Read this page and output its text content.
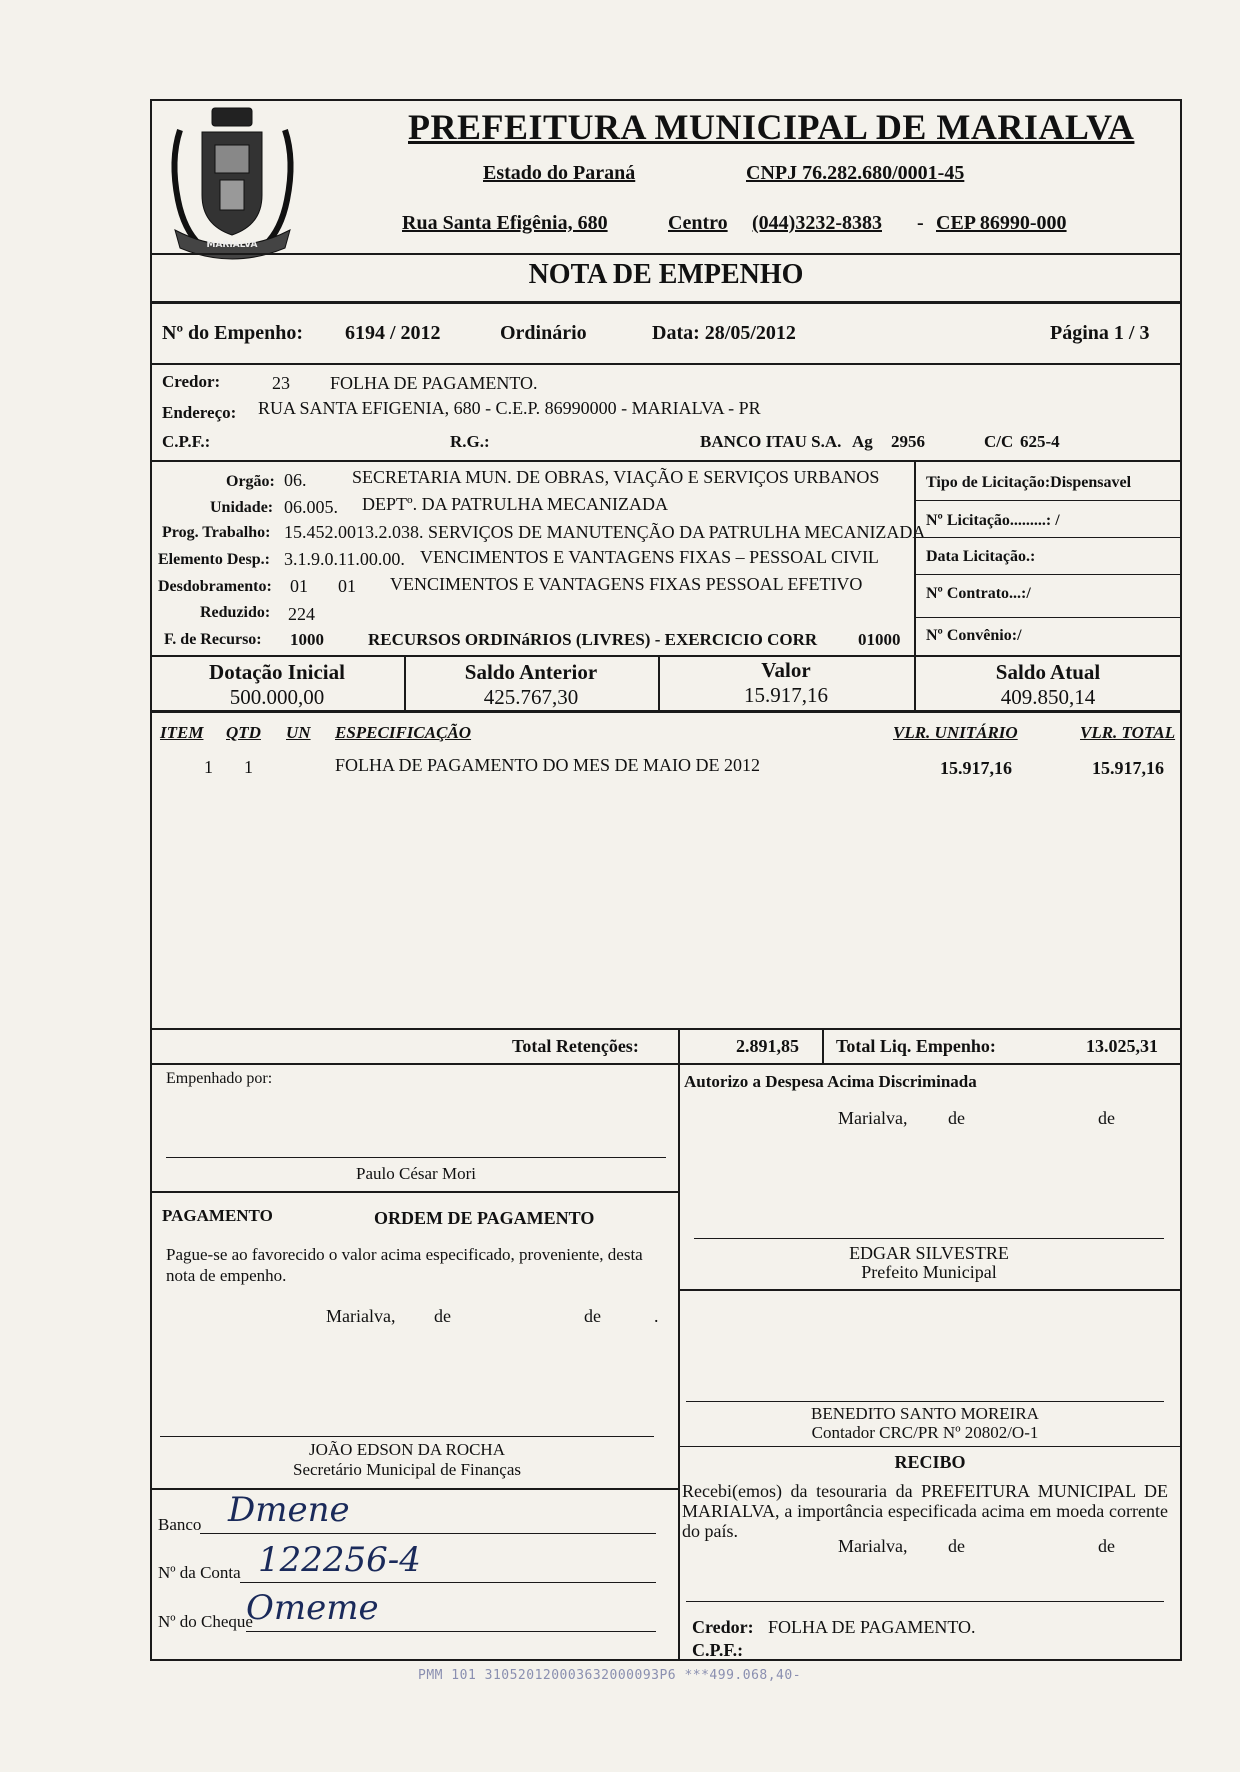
MARIALVA
PREFEITURA MUNICIPAL DE MARIALVA
Estado do Paraná	CNPJ 76.282.680/0001-45
Rua Santa Efigênia, 680	Centro (044)3232-8383 - CEP 86990-000
NOTA DE EMPENHO
Nº do Empenho: 6194 / 2012	Ordinário	Data: 28/05/2012	Página 1 / 3
Credor:	23 FOLHA DE PAGAMENTO.
Endereço: RUA SANTA EFIGENIA, 680 - C.E.P. 86990000 - MARIALVA - PR
C.P.F.:	R.G.:	BANCO ITAU S.A. Ag 2956	C/C 625-4
Orgão: 06.	SECRETARIA MUN. DE OBRAS, VIAÇÃO E SERVIÇOS URBANOS
Unidade: 06.005. DEPTº. DA PATRULHA MECANIZADA
Prog. Trabalho: 15.452.0013.2.038. SERVIÇOS DE MANUTENÇÃO DA PATRULHA MECANIZADA
Elemento Desp.: 3.1.9.0.11.00.00. VENCIMENTOS E VANTAGENS FIXAS – PESSOAL CIVIL
Desdobramento: 01 01 VENCIMENTOS E VANTAGENS FIXAS PESSOAL EFETIVO
Reduzido: 224
F. de Recurso: 1000	RECURSOS ORDINáRIOS (LIVRES) - EXERCICIO CORR 01000
Tipo de Licitação:Dispensavel
Nº Licitação.........: /
Data Licitação.:
Nº Contrato...:/
Nº Convênio:/
Dotação Inicial
500.000,00
Saldo Anterior
425.767,30
Valor
15.917,16
Saldo Atual
409.850,14
ITEM QTD UN ESPECIFICAÇÃO	VLR. UNITÁRIO	VLR. TOTAL
1 1	FOLHA DE PAGAMENTO DO MES DE MAIO DE 2012	15.917,16	15.917,16
Total Retenções:	2.891,85 Total Liq. Empenho:	13.025,31
Empenhado por:
Paulo César Mori
PAGAMENTO	ORDEM DE PAGAMENTO
Pague-se ao favorecido o valor acima especificado, proveniente, desta nota de empenho.
Marialva, de	de	.
JOÃO EDSON DA ROCHA
Secretário Municipal de Finanças
Banco Dmene
Nº da Conta 122256-4
Nº do Cheque
Omeme
Autorizo a Despesa Acima Discriminada
Marialva, de	de
EDGAR SILVESTRE
Prefeito Municipal
BENEDITO SANTO MOREIRA
Contador CRC/PR Nº 20802/O-1
RECIBO
Recebi(emos) da tesouraria da PREFEITURA MUNICIPAL DE MARIALVA, a importância especificada acima em moeda corrente do país.
Marialva, de	de
Credor: FOLHA DE PAGAMENTO.
C.P.F.:
PMM 101 310520120003632000093P6 ***499.068,40-
